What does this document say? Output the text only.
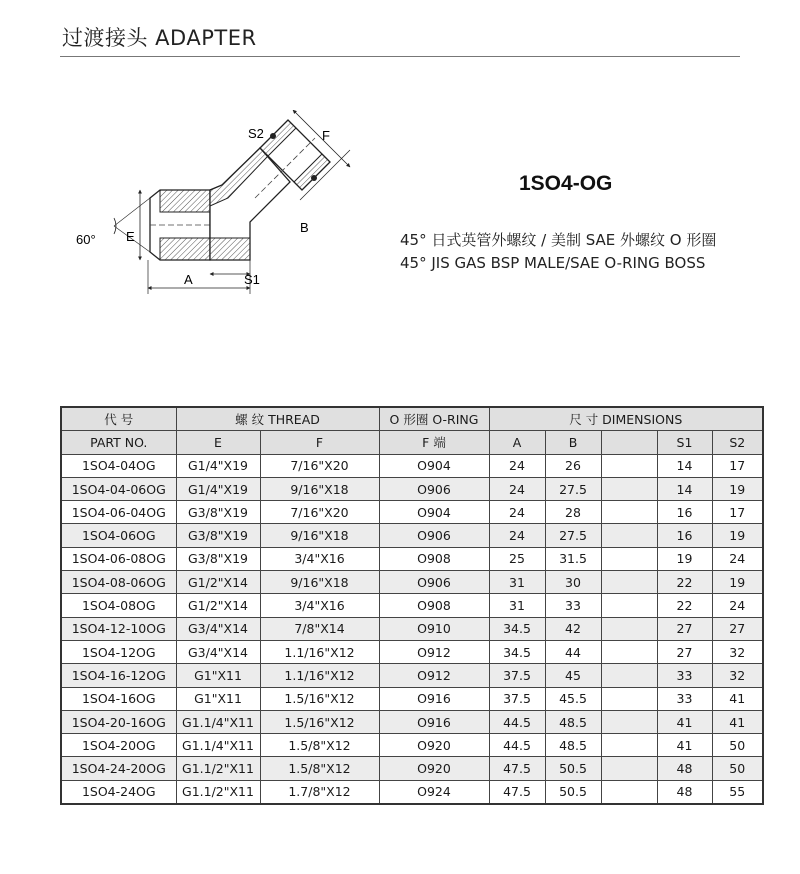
过渡接头 ADAPTER
S2	F
B
E
A	S1
60°
1SO4-OG
45° 日式英管外螺纹 / 美制 SAE 外螺纹 O 形圈
45° JIS GAS BSP MALE/SAE O-RING BOSS
代 号	螺 纹 THREAD		O 形圈 O-RING	尺 寸 DIMENSIONS				
PART NO.	E	F	F 端	A	B		S1	S2
1SO4-04OG	G1/4"X19	7/16"X20	O904	24	26		14	17
1SO4-04-06OG	G1/4"X19	9/16"X18	O906	24	27.5		14	19
1SO4-06-04OG	G3/8"X19	7/16"X20	O904	24	28		16	17
1SO4-06OG	G3/8"X19	9/16"X18	O906	24	27.5		16	19
1SO4-06-08OG	G3/8"X19	3/4"X16	O908	25	31.5		19	24
1SO4-08-06OG	G1/2"X14	9/16"X18	O906	31	30		22	19
1SO4-08OG	G1/2"X14	3/4"X16	O908	31	33		22	24
1SO4-12-10OG	G3/4"X14	7/8"X14	O910	34.5	42		27	27
1SO4-12OG	G3/4"X14	1.1/16"X12	O912	34.5	44		27	32
1SO4-16-12OG	G1"X11	1.1/16"X12	O912	37.5	45		33	32
1SO4-16OG	G1"X11	1.5/16"X12	O916	37.5	45.5		33	41
1SO4-20-16OG	G1.1/4"X11	1.5/16"X12	O916	44.5	48.5		41	41
1SO4-20OG	G1.1/4"X11	1.5/8"X12	O920	44.5	48.5		41	50
1SO4-24-20OG	G1.1/2"X11	1.5/8"X12	O920	47.5	50.5		48	50
1SO4-24OG	G1.1/2"X11	1.7/8"X12	O924	47.5	50.5		48	55
